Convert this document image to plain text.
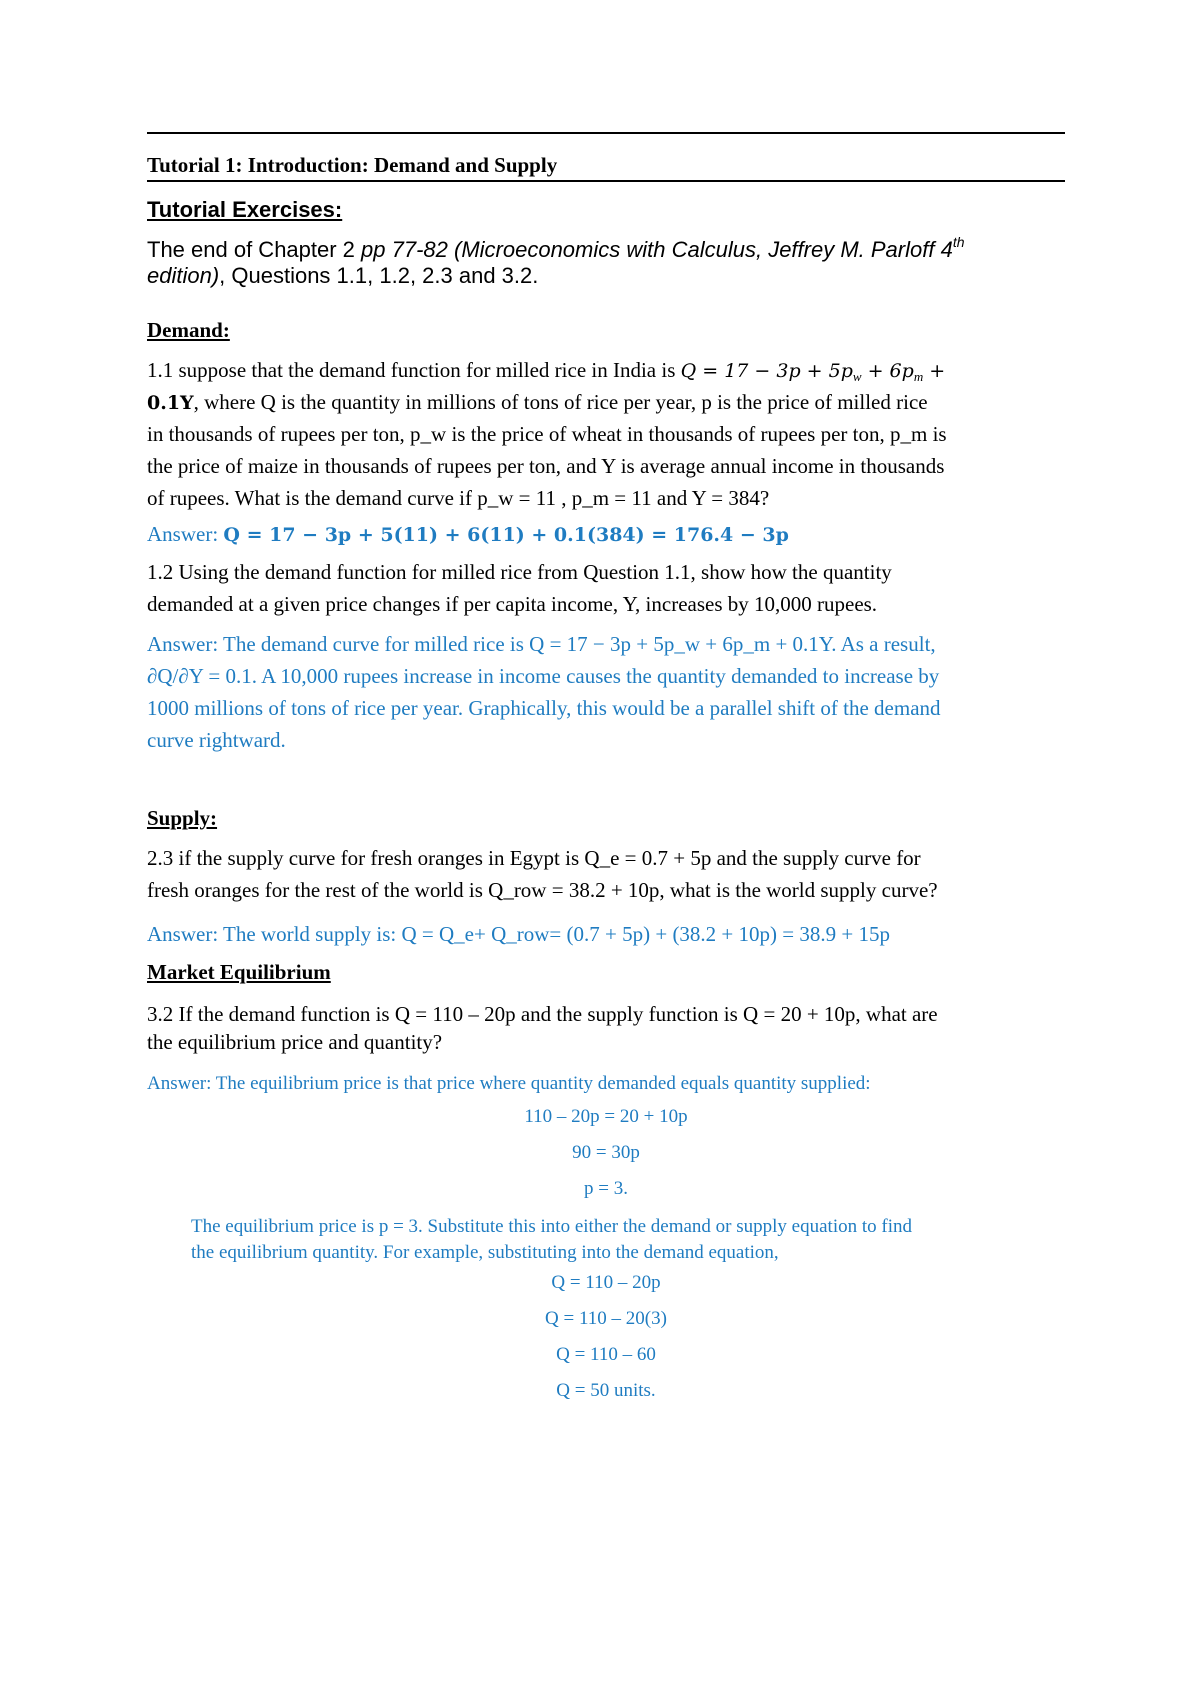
Tutorial 1: Introduction: Demand and Supply
Tutorial Exercises:
The end of Chapter 2 pp 77-82 (Microeconomics with Calculus, Jeffrey M. Parloff 4th
edition), Questions 1.1, 1.2, 2.3 and 3.2.
Demand:
1.1 suppose that the demand function for milled rice in India is $Q = 17 - 3p + 5p_w + 6p_m$ +
0.1Y, where Q is the quantity in millions of tons of rice per year, p is the price of milled rice
in thousands of rupees per ton, p_w is the price of wheat in thousands of rupees per ton, p_m is
the price of maize in thousands of rupees per ton, and Y is average annual income in thousands
of rupees. What is the demand curve if p_w = 11 , p_m = 11 and Y = 384?
Answer: Q = 17 − 3p + 5(11) + 6(11) + 0.1(384) = 176.4 − 3p
1.2 Using the demand function for milled rice from Question 1.1, show how the quantity
demanded at a given price changes if per capita income, Y, increases by 10,000 rupees.
Answer: The demand curve for milled rice is Q = 17 − 3p + 5p_w + 6p_m + 0.1Y. As a result,
∂Q/∂Y = 0.1. A 10,000 rupees increase in income causes the quantity demanded to increase by
1000 millions of tons of rice per year. Graphically, this would be a parallel shift of the demand
curve rightward.
Supply:
2.3 if the supply curve for fresh oranges in Egypt is Q_e = 0.7 + 5p and the supply curve for
fresh oranges for the rest of the world is Q_row = 38.2 + 10p, what is the world supply curve?
Answer: The world supply is: Q = Q_e+ Q_row= (0.7 + 5p) + (38.2 + 10p) = 38.9 + 15p
Market Equilibrium
3.2 If the demand function is Q = 110 – 20p and the supply function is Q = 20 + 10p, what are
the equilibrium price and quantity?
Answer: The equilibrium price is that price where quantity demanded equals quantity supplied:
110 – 20p = 20 + 10p
90 = 30p
p = 3.
The equilibrium price is p = 3. Substitute this into either the demand or supply equation to find
the equilibrium quantity. For example, substituting into the demand equation,
Q = 110 – 20p
Q = 110 – 20(3)
Q = 110 – 60
Q = 50 units.
